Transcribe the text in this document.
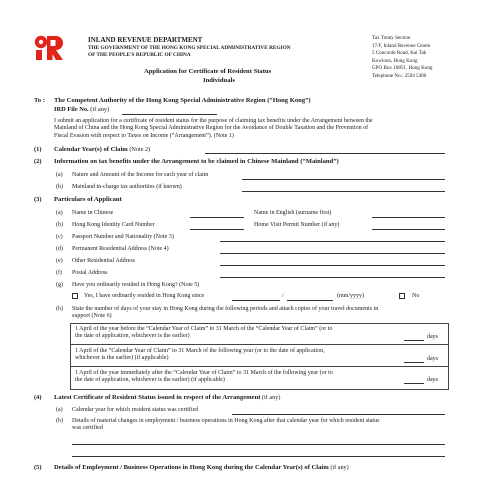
INLAND REVENUE DEPARTMENT
THE GOVERNMENT OF THE HONG KONG SPECIAL ADMINISTRATIVE REGION
OF THE PEOPLE'S REPUBLIC OF CHINA
Application for Certificate of Resident Status
Individuals
Tax Treaty Section
17/F, Inland Revenue Centre
5 Concorde Road, Kai Tak
Kowloon, Hong Kong
GPO Box 10851, Hong Kong
Telephone No.: 2594 5400
To : The Competent Authority of the Hong Kong Special Administrative Region (“Hong Kong”)
IRD File No. (if any)
I submit an application for a certificate of resident status for the purpose of claiming tax benefits under the Arrangement between the
Mainland of China and the Hong Kong Special Administrative Region for the Avoidance of Double Taxation and the Prevention of
Fiscal Evasion with respect to Taxes on Income (“Arrangement”). (Note 1)
(1) Calendar Year(s) of Claim (Note 2)
(2) Information on tax benefits under the Arrangement to be claimed in Chinese Mainland (“Mainland”)
(a) Nature and Amount of the Income for each year of claim
(b) Mainland in-charge tax authorities (if known)
(3) Particulars of Applicant
(a) Name in Chinese	Name in English (surname first)
(b) Hong Kong Identity Card Number	Home Visit Permit Number (if any)
(c) Passport Number and Nationality (Note 3)
(d) Permanent Residential Address (Note 4)
(e) Other Residential Address
(f) Postal Address
(g) Have you ordinarily resided in Hong Kong? (Note 5)
Yes, I have ordinarily resided in Hong Kong since	/	(mm/yyyy)	No
(h) State the number of days of your stay in Hong Kong during the following periods and attach copies of your travel documents in
support (Note 6)
1 April of the year before the “Calendar Year of Claim” to 31 March of the “Calendar Year of Claim” (or to
the date of application, whichever is the earlier)	days
1 April of the “Calendar Year of Claim” to 31 March of the following year (or to the date of application,
whichever is the earlier) (if applicable)	days
1 April of the year immediately after the “Calendar Year of Claim” to 31 March of the following year (or to
the date of application, whichever is the earlier) (if applicable)	days
(4) Latest Certificate of Resident Status issued in respect of the Arrangement (if any)
(a) Calendar year for which resident status was certified
(b) Details of material changes in employment / business operations in Hong Kong after that calendar year for which resident status
was certified
(5) Details of Employment / Business Operations in Hong Kong during the Calendar Year(s) of Claim (if any)
